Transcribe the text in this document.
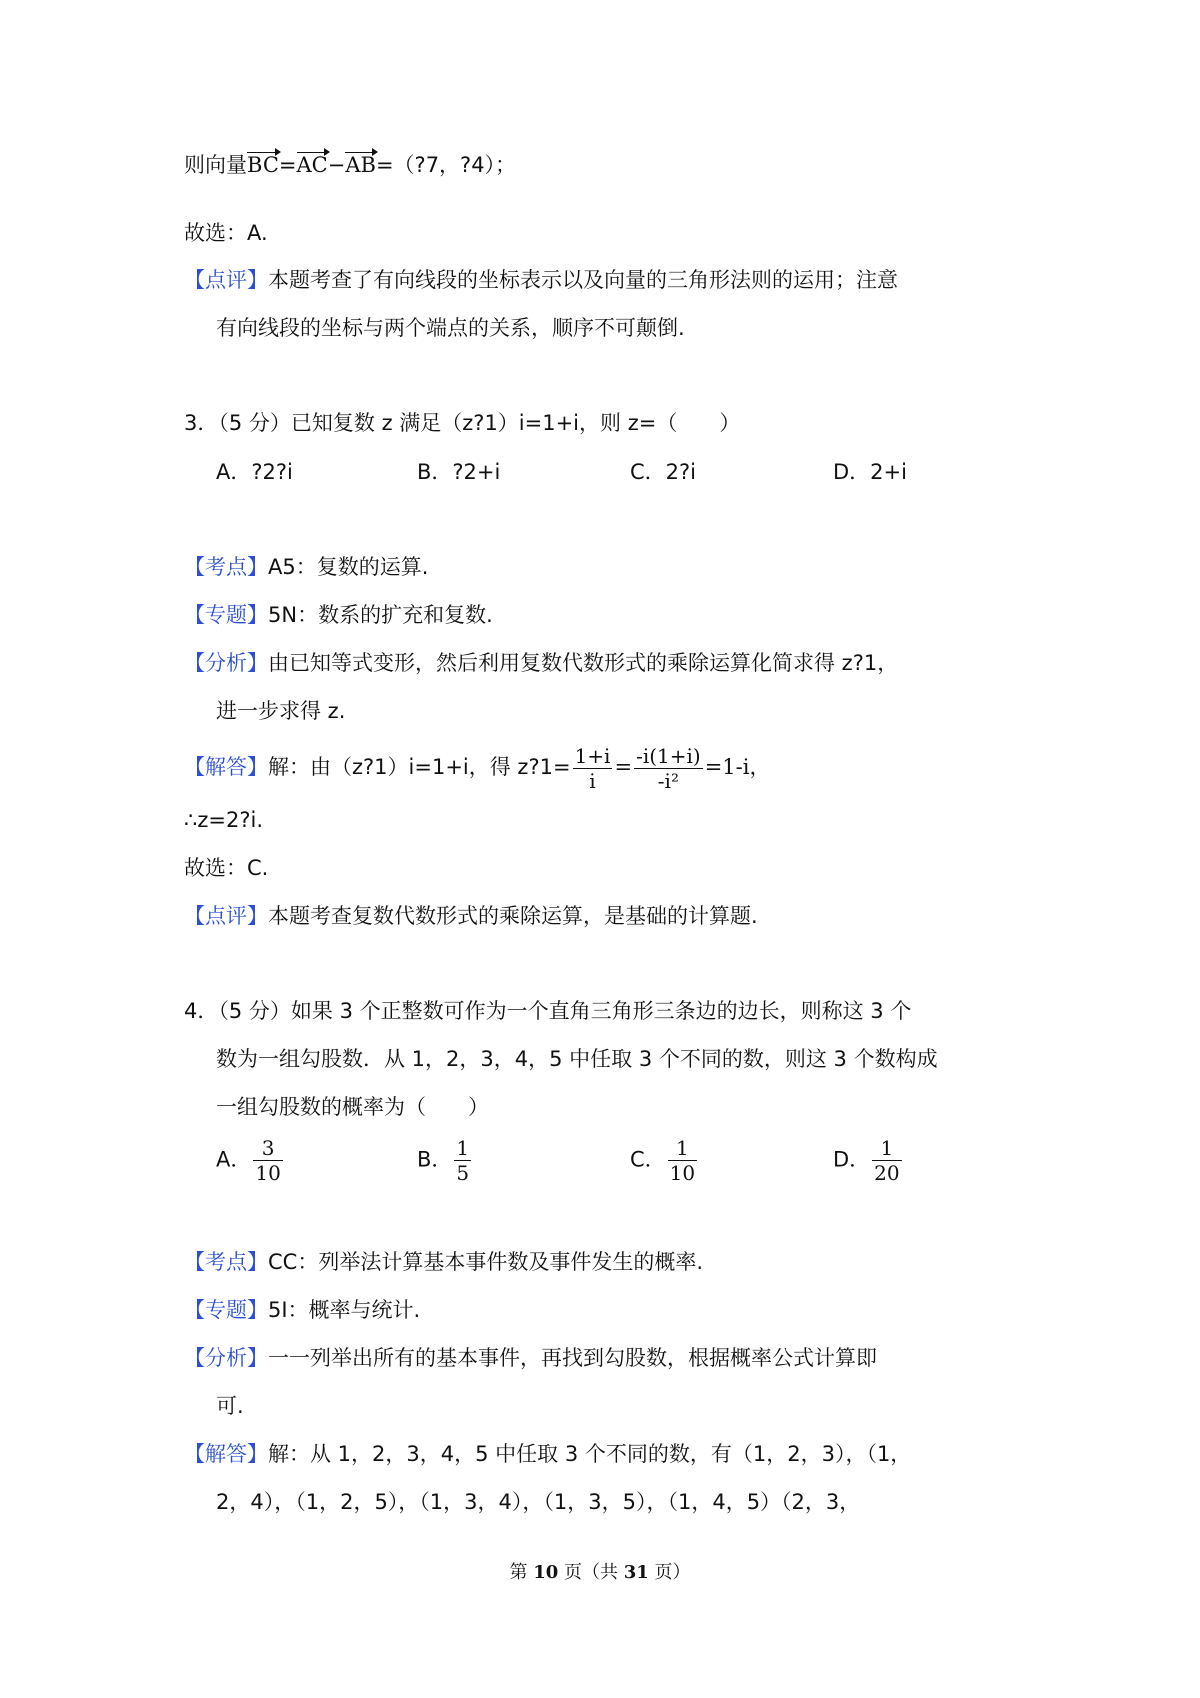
则向量BC=AC−AB=（?7，?4）；
故选：A.
【点评】本题考查了有向线段的坐标表示以及向量的三角形法则的运用；注意
有向线段的坐标与两个端点的关系，顺序不可颠倒.
3．（5 分）已知复数 z 满足（z?1）i=1+i，则 z=（　　）
A．?2?i	B．?2+i	C．2?i	D．2+i
【考点】A5：复数的运算.
【专题】5N：数系的扩充和复数.
【分析】由已知等式变形，然后利用复数代数形式的乘除运算化简求得 z?1，
进一步求得 z.
【解答】解：由（z?1）i=1+i，得 z?1= $\frac{1+i}{i} = \frac{-i(1+i)}{\text{-i²}} =1-i$，
∴z=2?i.
故选：C.
【点评】本题考查复数代数形式的乘除运算，是基础的计算题.
4．（5 分）如果 3 个正整数可作为一个直角三角形三条边的边长，则称这 3 个
数为一组勾股数．从 1，2，3，4，5 中任取 3 个不同的数，则这 3 个数构成
一组勾股数的概率为（　　）
A． $\frac{3}{10}$	B． $\frac{1}{5}$	C． $\frac{1}{10}$	D． $\frac{1}{20}$
【考点】CC：列举法计算基本事件数及事件发生的概率.
【专题】5I：概率与统计.
【分析】一一列举出所有的基本事件，再找到勾股数，根据概率公式计算即
可.
【解答】解：从 1，2，3，4，5 中任取 3 个不同的数，有（1，2，3），（1，
2，4），（1，2，5），（1，3，4），（1，3，5），（1，4，5）（2，3，
第 10 页（共 31 页）
